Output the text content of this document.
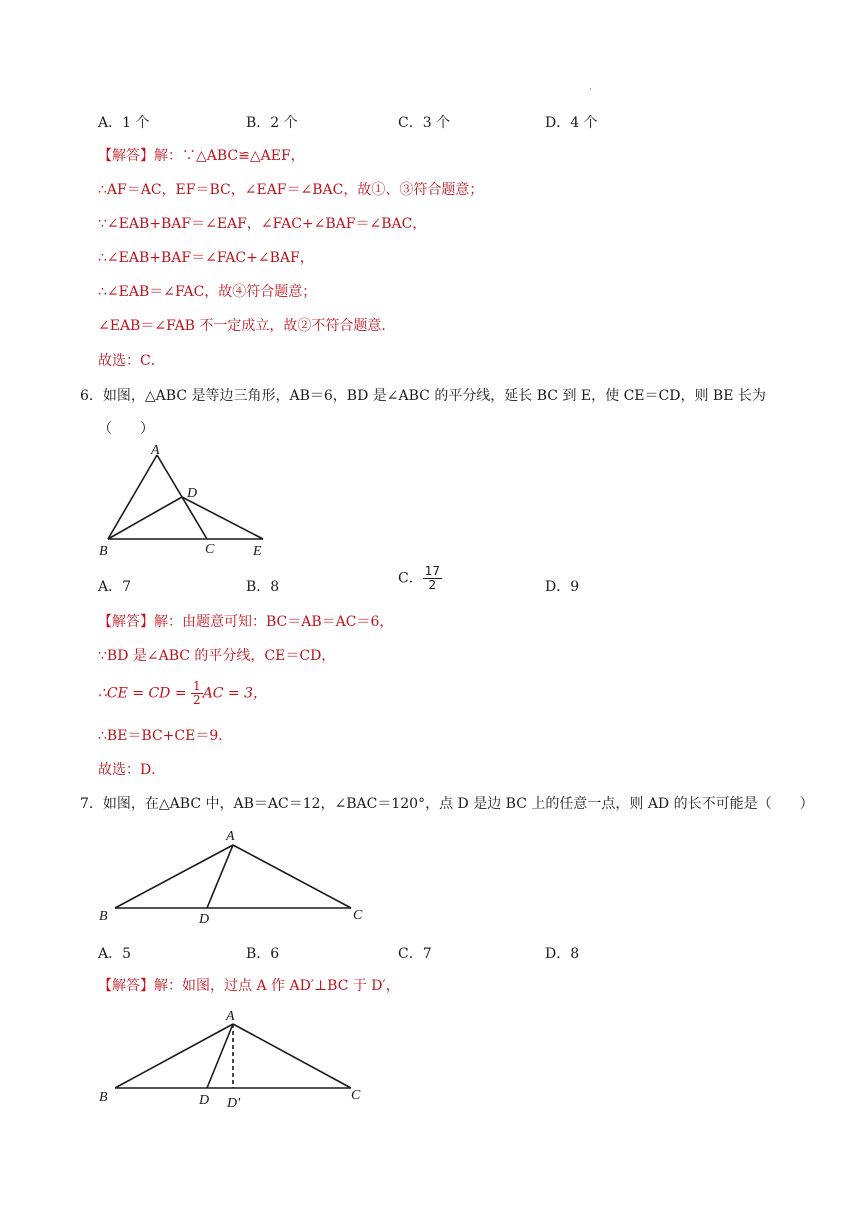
A．1 个	B．2 个	C．3 个	D．4 个
【解答】解：∵△ABC≌△AEF，
∴AF＝AC，EF＝BC，∠EAF＝∠BAC，故①、③符合题意；
∵∠EAB+BAF＝∠EAF，∠FAC+∠BAF＝∠BAC，
∴∠EAB+BAF＝∠FAC+∠BAF，
∴∠EAB＝∠FAC，故④符合题意；
∠EAB＝∠FAB 不一定成立，故②不符合题意．
故选：C．
6．如图，△ABC 是等边三角形，AB＝6，BD 是∠ABC 的平分线，延长 BC 到 E，使 CE＝CD，则 BE 长为
（　　）
A
D
B	C	E
A．7	B．8
C． $\frac{17}{2}$	D．9
【解答】解：由题意可知：BC＝AB＝AC＝6，
∵BD 是∠ABC 的平分线，CE＝CD，
∴CE = CD = $\frac{1}{2}$ AC = 3，
∴BE＝BC+CE＝9．
故选：D．
7．如图，在△ABC 中，AB＝AC＝12，∠BAC＝120°，点 D 是边 BC 上的任意一点，则 AD 的长不可能是（　　）
A
B	D	C
A．5	B．6	C．7	D．8
【解答】解：如图，过点 A 作 AD′⊥BC 于 D′，
A
B	D D′
C
